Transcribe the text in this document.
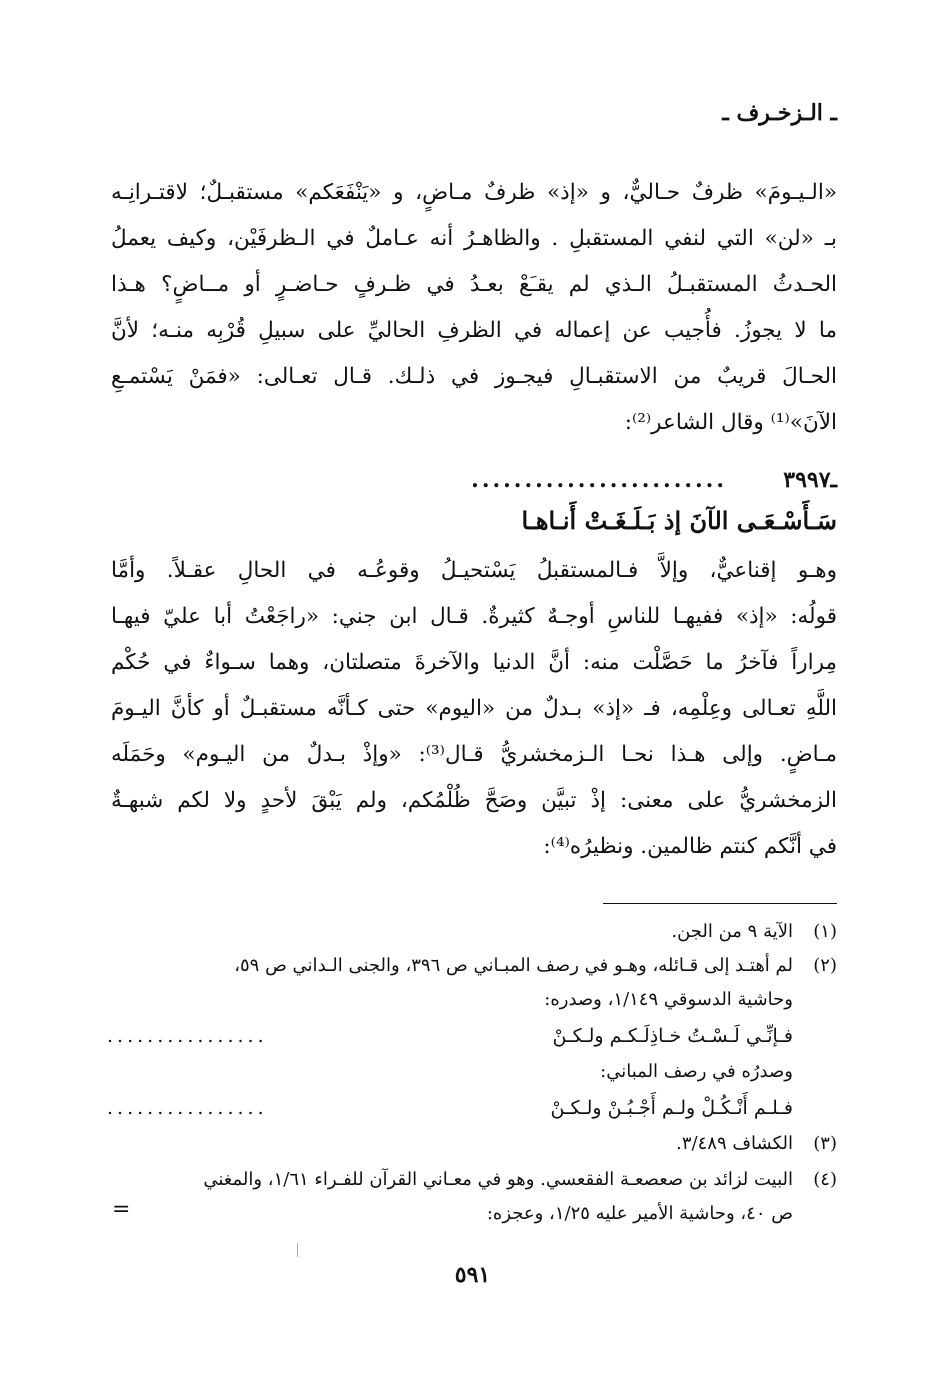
ـ الـزخـرف ـ
«الـيـومَ» ظرفٌ حـاليٌّ، و «إذ» ظرفٌ مـاضٍ، و «يَنْفَعَكم» مستقبـلٌ؛ لاقتـرانِـه
بـ «لن» التي لنفي المستقبلِ . والظاهـرُ أنه عـاملٌ في الـظرفَيْن، وكيف يعملُ
الحـدثُ المستقبـلُ الـذي لم يقـَعْ بعـدُ في ظـرفٍ حـاضـرٍ أو مــاضٍ؟ هـذا
ما لا يجوزُ. فأُجيب عن إعماله في الظرفِ الحاليِّ على سبيلِ قُرْبِه منـه؛ لأنَّ
الحـالَ قريبٌ من الاستقبـالِ فيجـوز في ذلـك. قـال تعـالى: «فمَنْ يَسْتمـعِ
الآنَ»⁽¹⁾ وقال الشاعر⁽²⁾:
ـ٣٩٩٧
........................
سَـأَسْـعَـى الآنَ إذ بَـلَـغَـتْ أَنـاهـا
وهـو إقناعيٌّ، وإلاَّ فـالمستقبلُ يَسْتحيـلُ وقوعُـه في الحالِ عقـلاً. وأمَّا
قولُه: «إذ» ففيهـا للناسِ أوجـهٌ كثيرةٌ. قـال ابن جني: «راجَعْتُ أبا عليّ فيهـا
مِراراً فآخرُ ما حَصَّلْت منه: أنَّ الدنيا والآخرةَ متصلتان، وهما سـواءٌ في حُكْم
اللَّهِ تعـالى وعِلْمِه، فـ «إذ» بـدلٌ من «اليوم» حتى كـأنَّه مستقبـلٌ أو كأنَّ اليـومَ
مـاضٍ. وإلى هـذا نحـا الـزمخشريُّ قـال⁽³⁾: «وإذْ بـدلٌ من اليـوم» وحَمَلَه
الزمخشريُّ على معنى: إذْ تبيَّن وصَحَّ ظُلْمُكم، ولم يَبْقَ لأحدٍ ولا لكم شبهـةٌ
في أنَّكم كنتم ظالمين. ونظيرُه⁽⁴⁾:
(١)
الآية ٩ من الجن.
(٢)
لم أهتـد إلى قـائله، وهـو في رصف المبـاني ص ٣٩٦، والجنى الـداني ص ٥٩،
وحاشية الدسوقي ١/١٤٩، وصدره:
فـإنِّـي لَـسْـتُ خـاذِلَـكـم ولـكـنْ
................
وصدرُه في رصف المباني:
فـلـم أَنْـكُـلْ ولـم أَجْـبُـنْ ولـكـنْ
................
(٣)
الكشاف ٣/٤٨٩.
(٤)
البيت لزائد بن صعصعـة الفقعسي. وهو في معـاني القرآن للفـراء ١/٦١، والمغني
ص ٤٠، وحاشية الأمير عليه ١/٢٥، وعجزه:
=
٥٩١
